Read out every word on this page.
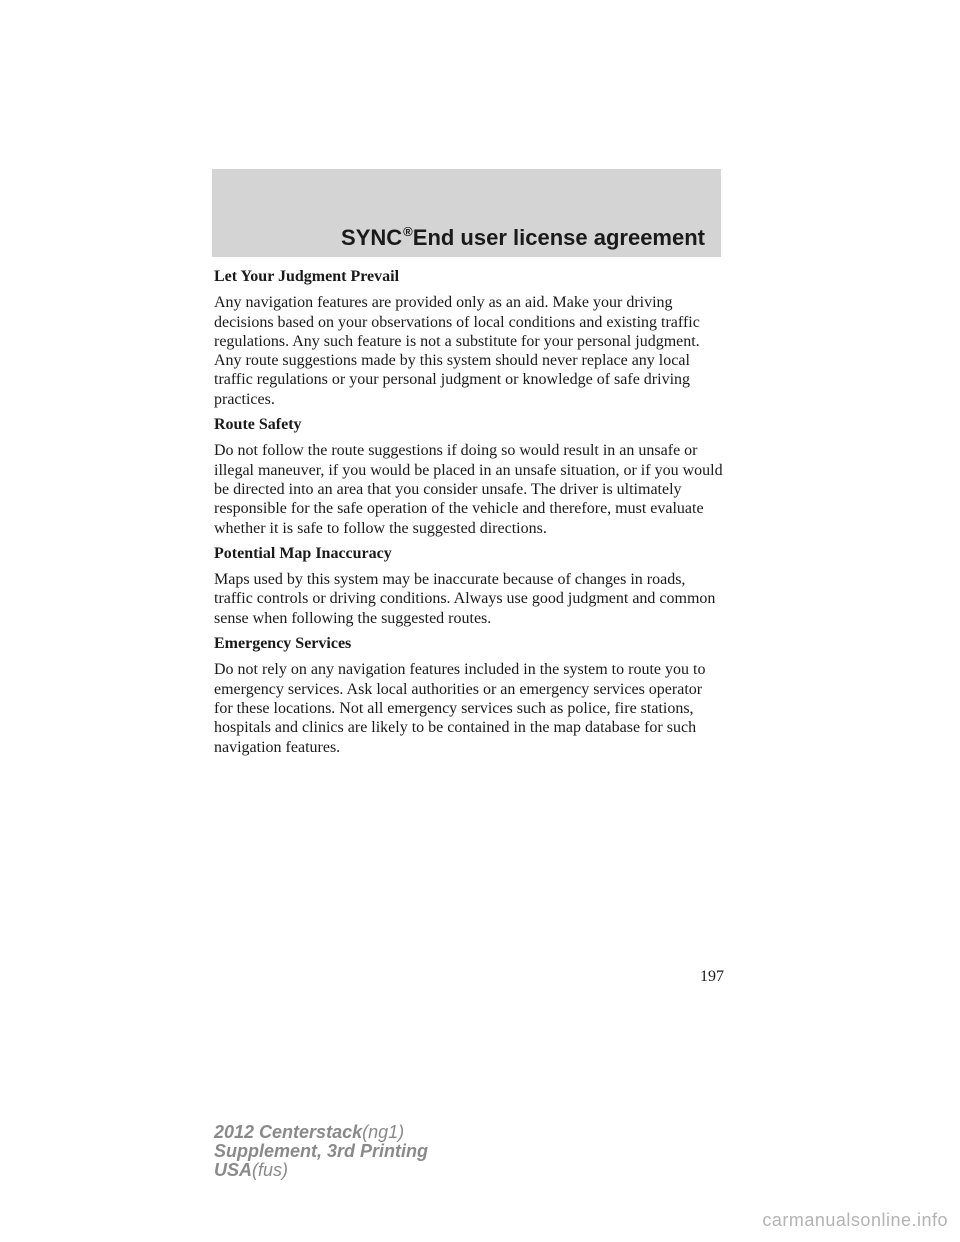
SYNC®End user license agreement
Let Your Judgment Prevail
Any navigation features are provided only as an aid. Make your driving decisions based on your observations of local conditions and existing traffic regulations. Any such feature is not a substitute for your personal judgment. Any route suggestions made by this system should never replace any local traffic regulations or your personal judgment or knowledge of safe driving practices.
Route Safety
Do not follow the route suggestions if doing so would result in an unsafe or illegal maneuver, if you would be placed in an unsafe situation, or if you would be directed into an area that you consider unsafe. The driver is ultimately responsible for the safe operation of the vehicle and therefore, must evaluate whether it is safe to follow the suggested directions.
Potential Map Inaccuracy
Maps used by this system may be inaccurate because of changes in roads, traffic controls or driving conditions. Always use good judgment and common sense when following the suggested routes.
Emergency Services
Do not rely on any navigation features included in the system to route you to emergency services. Ask local authorities or an emergency services operator for these locations. Not all emergency services such as police, fire stations, hospitals and clinics are likely to be contained in the map database for such navigation features.
197
2012 Centerstack(ng1)
Supplement, 3rd Printing
USA(fus)
carmanualsonline.info
